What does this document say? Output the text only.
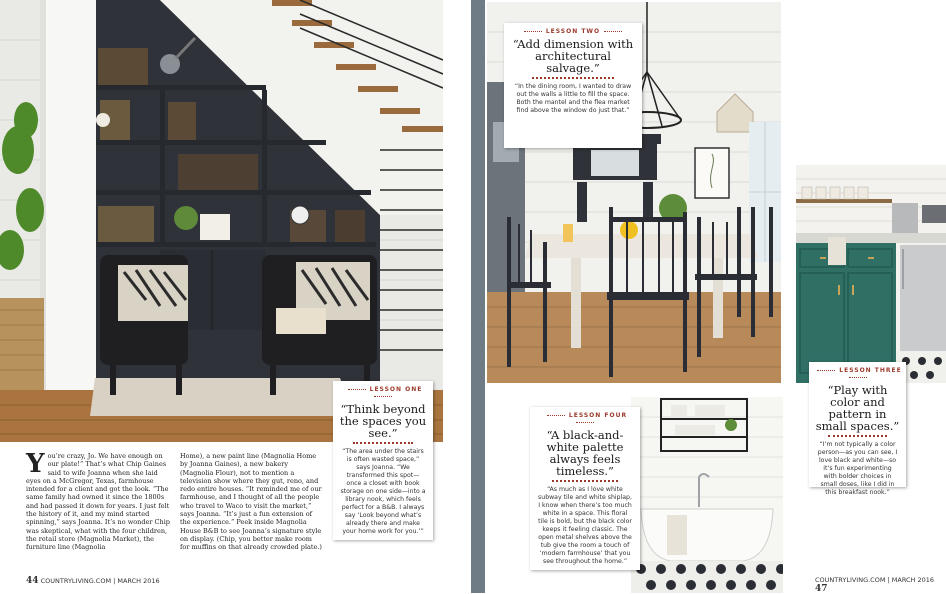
LESSON ONE
“Think beyond the spaces you see.”
“The area under the stairs is often wasted space,” says Joanna. “We transformed this spot—once a closet with book storage on one side—into a library nook, which feels perfect for a B&B. I always say ‘Look beyond what’s already there and make your home work for you.’”
You’re crazy, Jo. We have enough on our plate!” That’s what Chip Gaines said to wife Joanna when she laid eyes on a McGregor, Texas, farmhouse intended for a client and got the look. “The same family had owned it since the 1800s and had passed it down for years. I just felt the history of it, and my mind started spinning,” says Joanna. It’s no wonder Chip was skeptical, what with the four children, the retail store (Magnolia Market), the furniture line (Magnolia
Home), a new paint line (Magnolia Home by Joanna Gaines), a new bakery (Magnolia Flour), not to mention a television show where they gut, reno, and redo entire houses. “It reminded me of our farmhouse, and I thought of all the people who travel to Waco to visit the market,” says Joanna. “It’s just a fun extension of the experience.” Peek inside Magnolia House B&B to see Joanna’s signature style on display. (Chip, you better make room for muffins on that already crowded plate.)
44 COUNTRYLIVING.COM | MARCH 2016
LESSON TWO
“Add dimension with architectural salvage.”
“In the dining room, I wanted to draw out the walls a little to fill the space. Both the mantel and the flea market find above the window do just that.”
LESSON FOUR
“A black-and-white palette always feels timeless.”
“As much as I love white subway tile and white shiplap, I know when there’s too much white in a space. This floral tile is bold, but the black color keeps it feeling classic. The open metal shelves above the tub give the room a touch of ‘modern farmhouse’ that you see throughout the home.”
LESSON THREE
“Play with color and pattern in small spaces.”
“I’m not typically a color person—as you can see, I love black and white—so it’s fun experimenting with bolder choices in small doses, like I did in this breakfast nook.”
COUNTRYLIVING.COM | MARCH 2016 47
